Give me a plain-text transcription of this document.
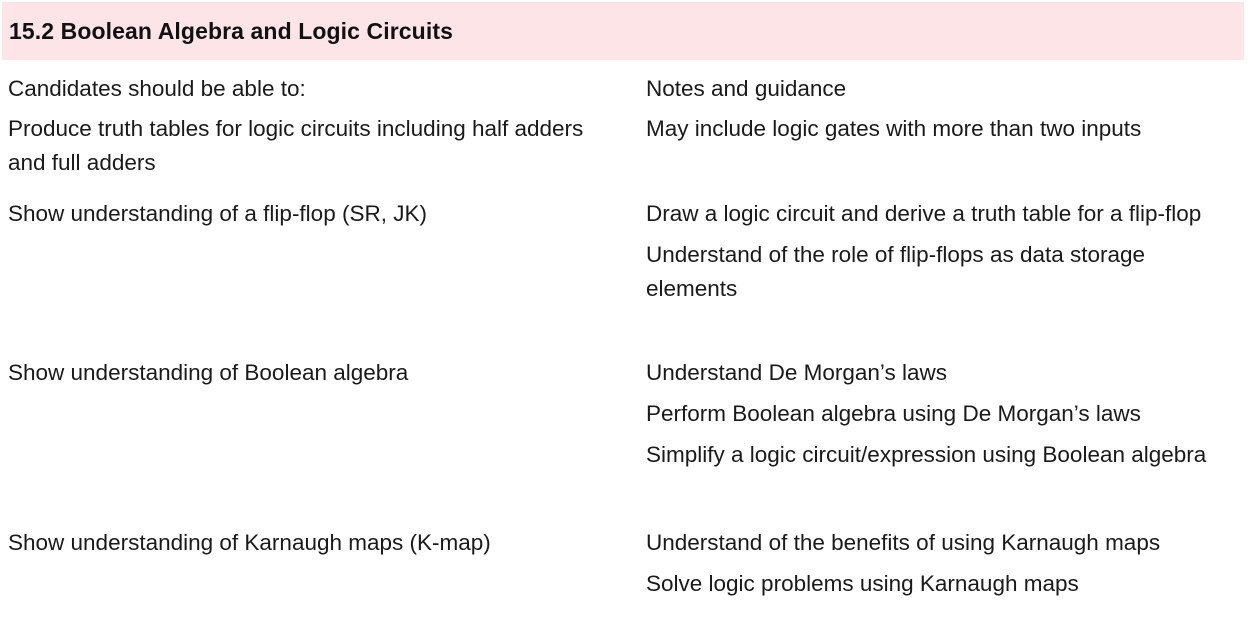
15.2 Boolean Algebra and Logic Circuits
Candidates should be able to:
Produce truth tables for logic circuits including half adders and full adders
Show understanding of a flip-flop (SR, JK)
Show understanding of Boolean algebra
Show understanding of Karnaugh maps (K-map)
Notes and guidance
May include logic gates with more than two inputs
Draw a logic circuit and derive a truth table for a flip-flop
Understand of the role of flip-flops as data storage elements
Understand De Morgan’s laws
Perform Boolean algebra using De Morgan’s laws
Simplify a logic circuit/expression using Boolean algebra
Understand of the benefits of using Karnaugh maps
Solve logic problems using Karnaugh maps
